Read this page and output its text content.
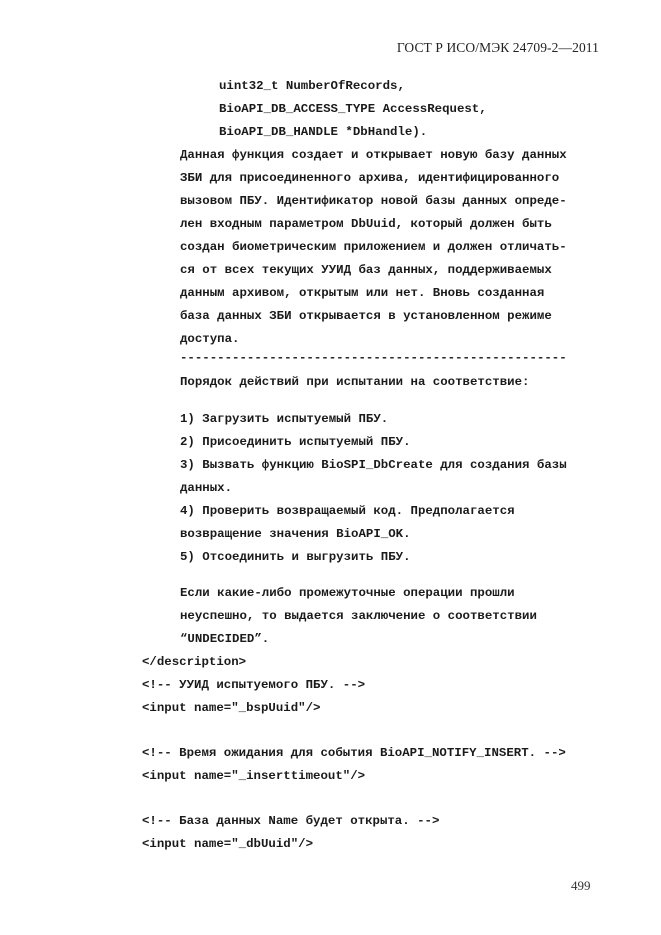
ГОСТ Р ИСО/МЭК 24709-2—2011
uint32_t NumberOfRecords,
BioAPI_DB_ACCESS_TYPE AccessRequest,
BioAPI_DB_HANDLE *DbHandle).
Данная функция создает и открывает новую базу данных
ЗБИ для присоединенного архива, идентифицированного
вызовом ПБУ. Идентификатор новой базы данных опреде-
лен входным параметром DbUuid, который должен быть
создан биометрическим приложением и должен отличать-
ся от всех текущих УУИД баз данных, поддерживаемых
данным архивом, открытым или нет. Вновь созданная
база данных ЗБИ открывается в установленном режиме
доступа.
----------------------------------------------------
Порядок действий при испытании на соответствие:
1) Загрузить испытуемый ПБУ.
2) Присоединить испытуемый ПБУ.
3) Вызвать функцию BioSPI_DbCreate для создания базы
данных.
4) Проверить возвращаемый код. Предполагается
возвращение значения BioAPI_OK.
5) Отсоединить и выгрузить ПБУ.
Если какие-либо промежуточные операции прошли
неуспешно, то выдается заключение о соответствии
“UNDECIDED”.
</description>
<!-- УУИД испытуемого ПБУ. -->
<input name="_bspUuid"/>
<!-- Время ожидания для события BioAPI_NOTIFY_INSERT. -->
<input name="_inserttimeout"/>
<!-- База данных Name будет открыта. -->
<input name="_dbUuid"/>
499
